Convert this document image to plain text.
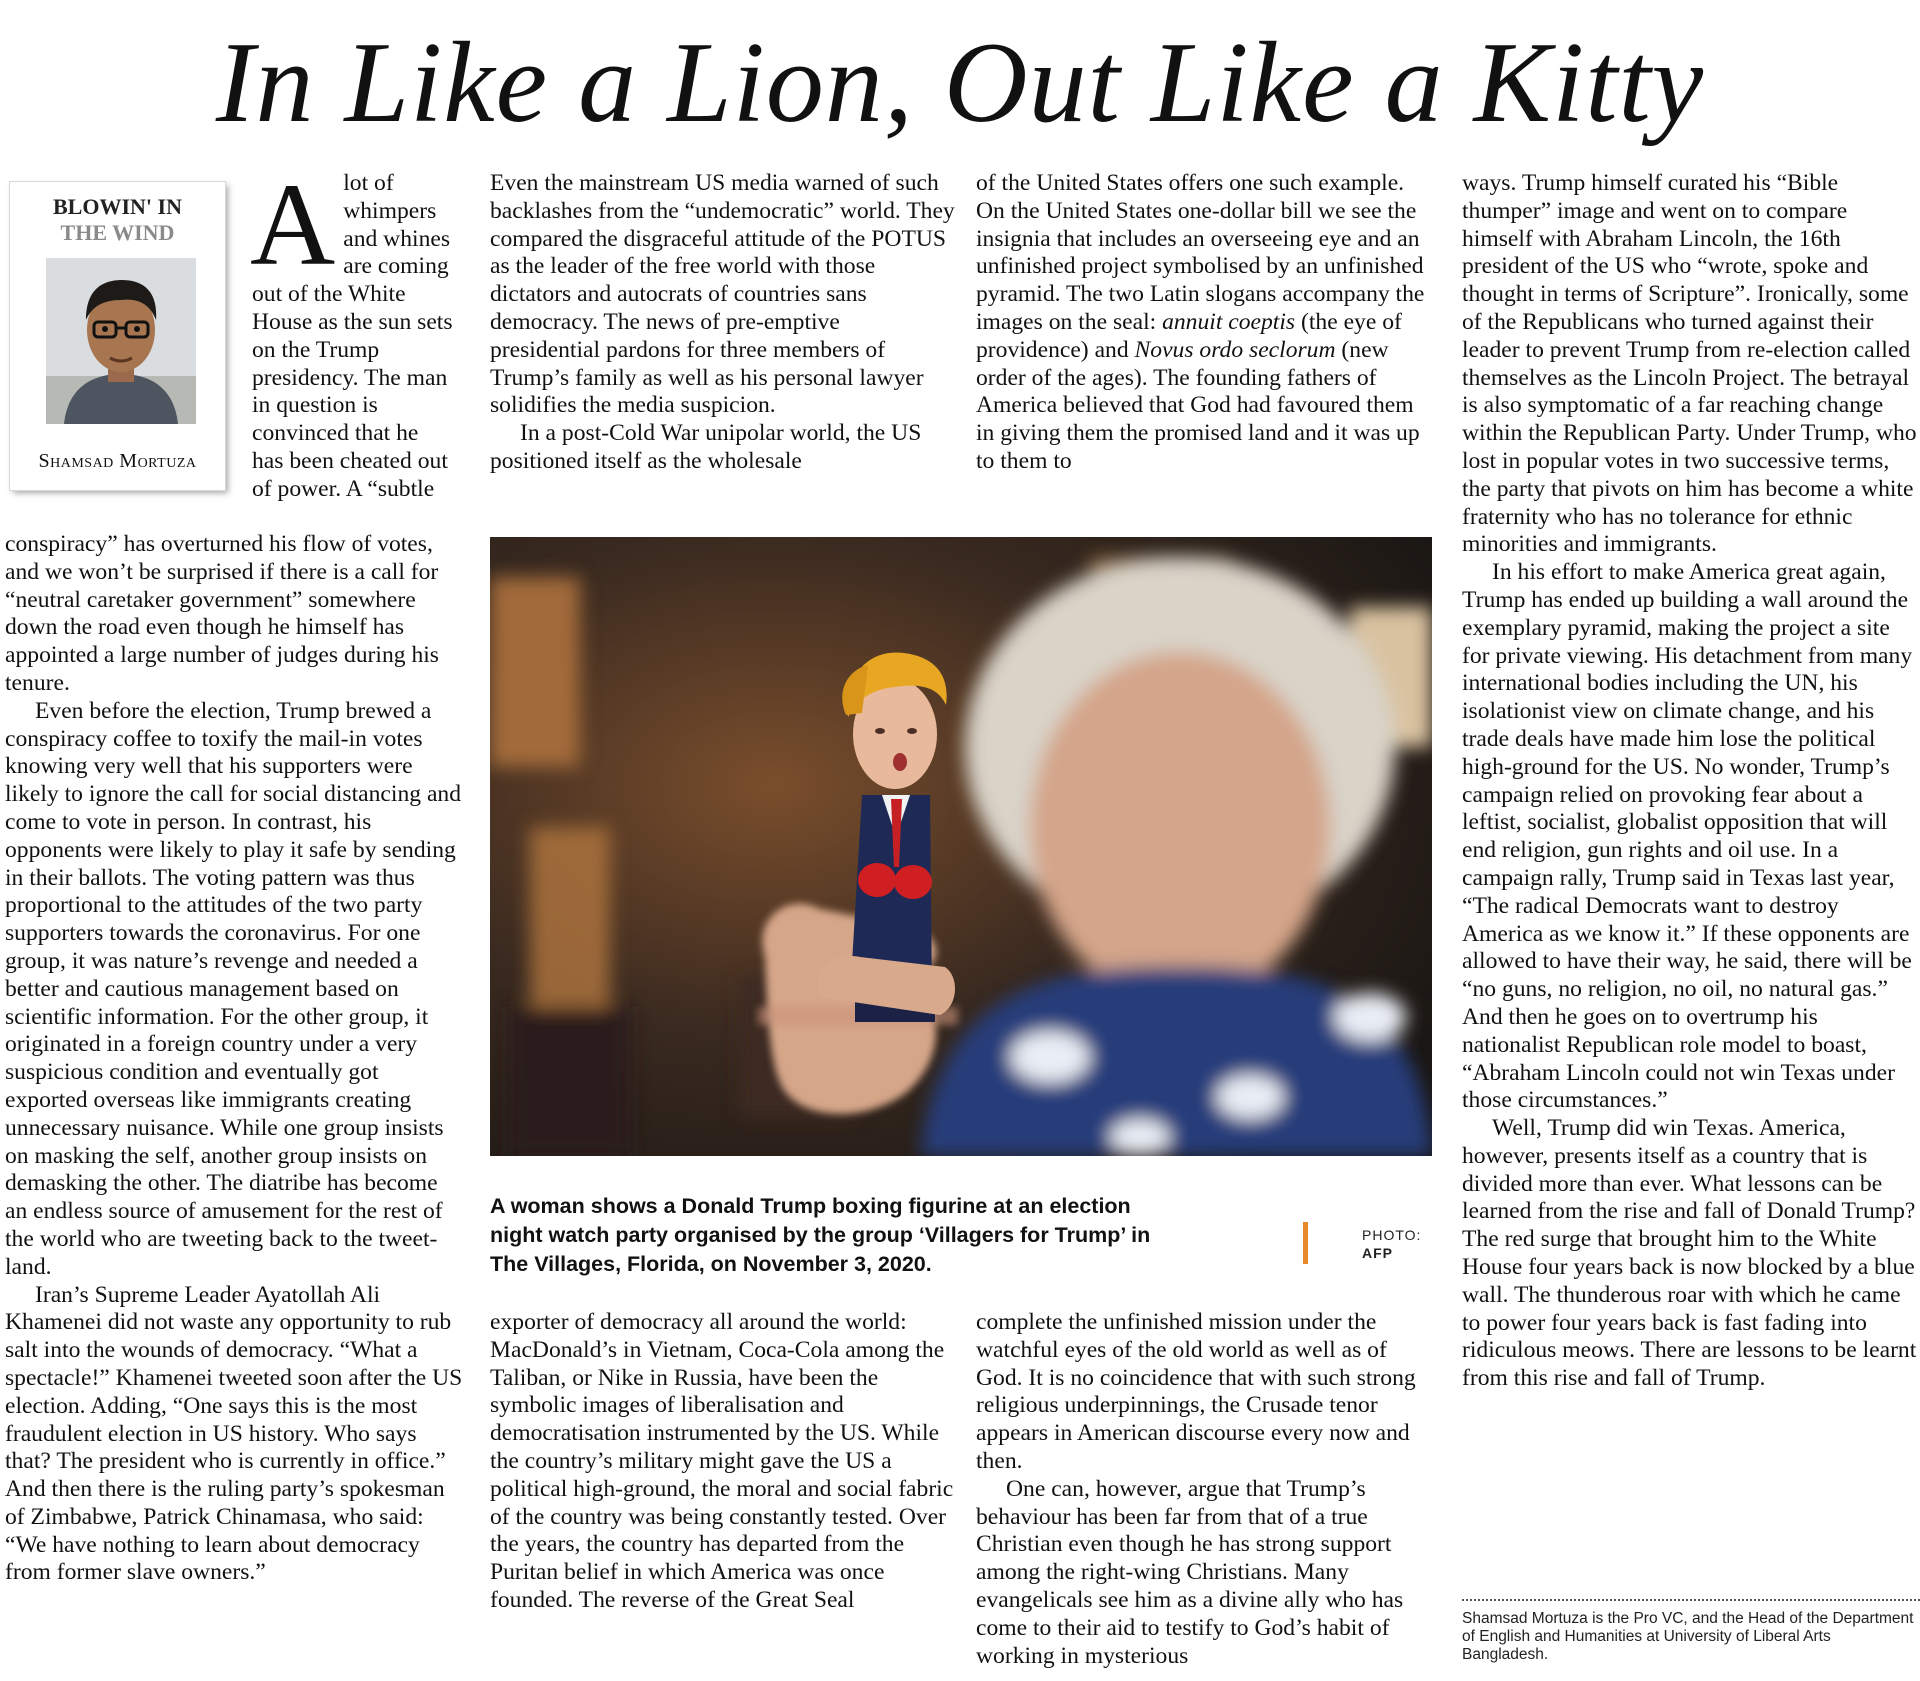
In Like a Lion, Out Like a Kitty
BLOWIN' IN
THE WIND
Shamsad Mortuza
A lot of whimpers and whines are coming out of the White House as the sun sets on the Trump presidency. The man in question is convinced that he has been cheated out of power. A “subtle

conspiracy” has overturned his flow of votes, and we won’t be surprised if there is a call for “neutral caretaker government” somewhere down the road even though he himself has appointed a large number of judges during his tenure.

Even before the election, Trump brewed a conspiracy coffee to toxify the mail-in votes knowing very well that his supporters were likely to ignore the call for social distancing and come to vote in person. In contrast, his opponents were likely to play it safe by sending in their ballots. The voting pattern was thus proportional to the attitudes of the two party supporters towards the coronavirus. For one group, it was nature’s revenge and needed a better and cautious management based on scientific information. For the other group, it originated in a foreign country under a very suspicious condition and eventually got exported overseas like immigrants creating unnecessary nuisance. While one group insists on masking the self, another group insists on demasking the other. The diatribe has become an endless source of amusement for the rest of the world who are tweeting back to the tweet-land.

Iran’s Supreme Leader Ayatollah Ali Khamenei did not waste any opportunity to rub salt into the wounds of democracy. “What a spectacle!” Khamenei tweeted soon after the US election. Adding, “One says this is the most fraudulent election in US history. Who says that? The president who is currently in office.” And then there is the ruling party’s spokesman of Zimbabwe, Patrick Chinamasa, who said: “We have nothing to learn about democracy from former slave owners.”

Even the mainstream US media warned of such backlashes from the “undemocratic” world. They compared the disgraceful attitude of the POTUS as the leader of the free world with those dictators and autocrats of countries sans democracy. The news of pre-emptive presidential pardons for three members of Trump’s family as well as his personal lawyer solidifies the media suspicion.

In a post-Cold War unipolar world, the US positioned itself as the wholesale

of the United States offers one such example. On the United States one-dollar bill we see the insignia that includes an overseeing eye and an unfinished project symbolised by an unfinished pyramid. The two Latin slogans accompany the images on the seal: annuit coeptis (the eye of providence) and Novus ordo seclorum (new order of the ages). The founding fathers of America believed that God had favoured them in giving them the promised land and it was up to them to

A woman shows a Donald Trump boxing figurine at an election night watch party organised by the group ‘Villagers for Trump’ in The Villages, Florida, on November 3, 2020.
PHOTO:
AFP

exporter of democracy all around the world: MacDonald’s in Vietnam, Coca-Cola among the Taliban, or Nike in Russia, have been the symbolic images of liberalisation and democratisation instrumented by the US. While the country’s military might gave the US a political high-ground, the moral and social fabric of the country was being constantly tested. Over the years, the country has departed from the Puritan belief in which America was once founded. The reverse of the Great Seal

complete the unfinished mission under the watchful eyes of the old world as well as of God. It is no coincidence that with such strong religious underpinnings, the Crusade tenor appears in American discourse every now and then.

One can, however, argue that Trump’s behaviour has been far from that of a true Christian even though he has strong support among the right-wing Christians. Many evangelicals see him as a divine ally who has come to their aid to testify to God’s habit of working in mysterious

ways. Trump himself curated his “Bible thumper” image and went on to compare himself with Abraham Lincoln, the 16th president of the US who “wrote, spoke and thought in terms of Scripture”. Ironically, some of the Republicans who turned against their leader to prevent Trump from re-election called themselves as the Lincoln Project. The betrayal is also symptomatic of a far reaching change within the Republican Party. Under Trump, who lost in popular votes in two successive terms, the party that pivots on him has become a white fraternity who has no tolerance for ethnic minorities and immigrants.

In his effort to make America great again, Trump has ended up building a wall around the exemplary pyramid, making the project a site for private viewing. His detachment from many international bodies including the UN, his isolationist view on climate change, and his trade deals have made him lose the political high-ground for the US. No wonder, Trump’s campaign relied on provoking fear about a leftist, socialist, globalist opposition that will end religion, gun rights and oil use. In a campaign rally, Trump said in Texas last year, “The radical Democrats want to destroy America as we know it.” If these opponents are allowed to have their way, he said, there will be “no guns, no religion, no oil, no natural gas.” And then he goes on to overtrump his nationalist Republican role model to boast, “Abraham Lincoln could not win Texas under those circumstances.”

Well, Trump did win Texas. America, however, presents itself as a country that is divided more than ever. What lessons can be learned from the rise and fall of Donald Trump? The red surge that brought him to the White House four years back is now blocked by a blue wall. The thunderous roar with which he came to power four years back is fast fading into ridiculous meows. There are lessons to be learnt from this rise and fall of Trump.

Shamsad Mortuza is the Pro VC, and the Head of the Department of English and Humanities at University of Liberal Arts Bangladesh.
